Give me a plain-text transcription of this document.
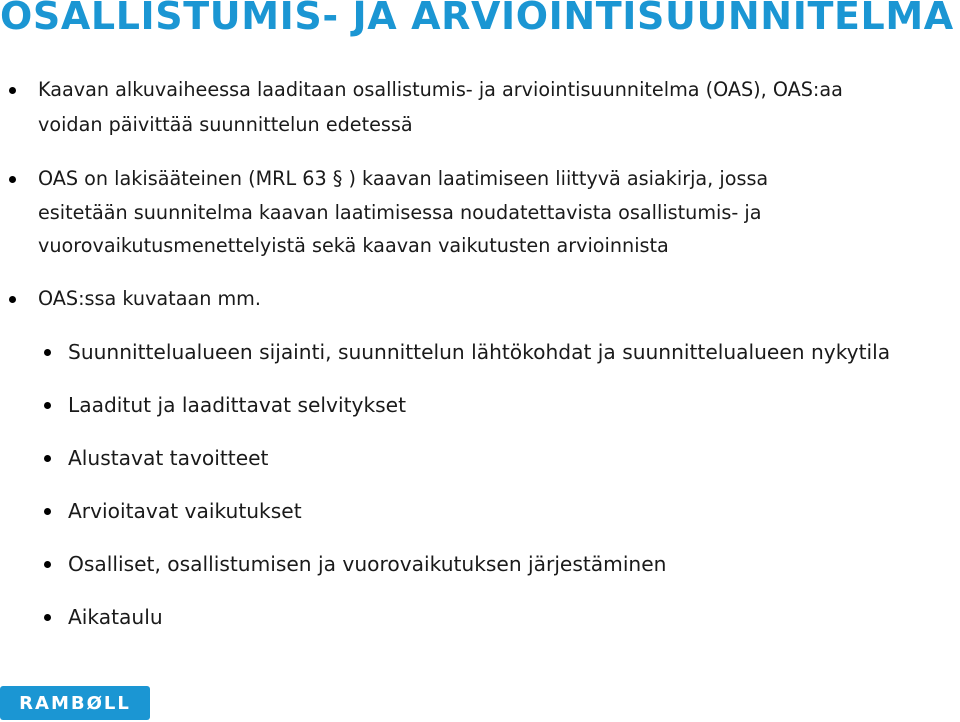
OSALLISTUMIS- JA ARVIOINTISUUNNITELMA
Kaavan alkuvaiheessa laaditaan osallistumis- ja arviointisuunnitelma (OAS), OAS:aa
voidan päivittää suunnittelun edetessä
OAS on lakisääteinen (MRL 63 § ) kaavan laatimiseen liittyvä asiakirja, jossa
esitetään suunnitelma kaavan laatimisessa noudatettavista osallistumis- ja
vuorovaikutusmenettelyistä sekä kaavan vaikutusten arvioinnista
OAS:ssa kuvataan mm.
Suunnittelualueen sijainti, suunnittelun lähtökohdat ja suunnittelualueen nykytila
Laaditut ja laadittavat selvitykset
Alustavat tavoitteet
Arvioitavat vaikutukset
Osalliset, osallistumisen ja vuorovaikutuksen järjestäminen
Aikataulu
RAMBØLL
